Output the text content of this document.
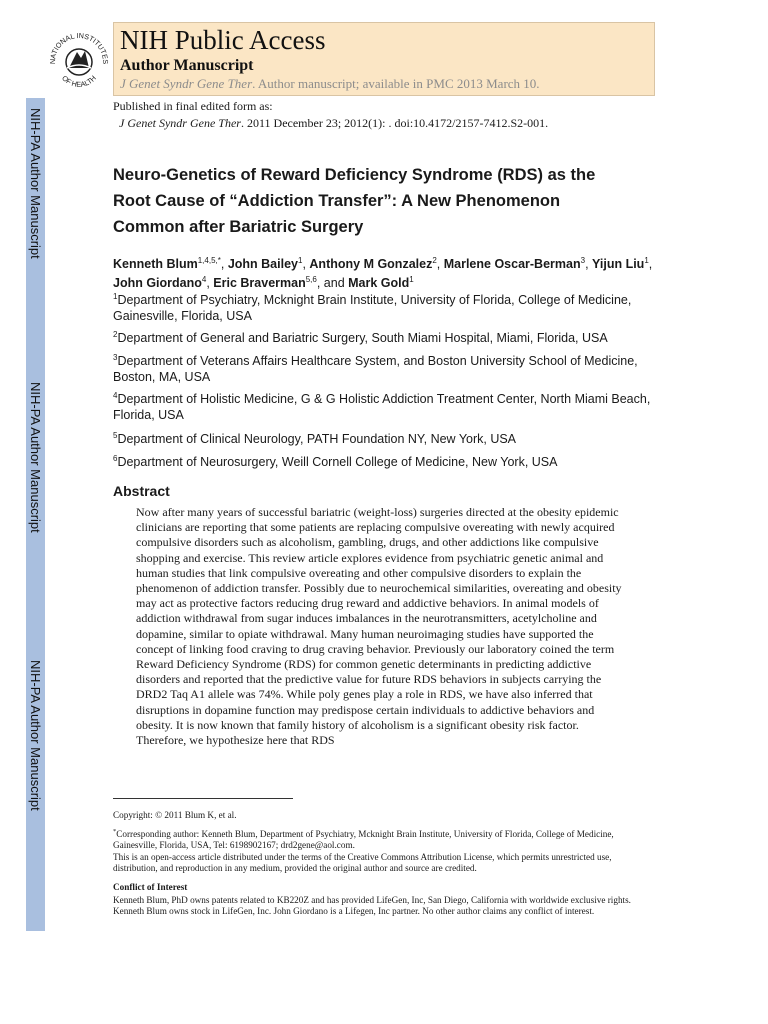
NIH-PA Author Manuscript
NIH-PA Author Manuscript
NIH-PA Author Manuscript
NATIONAL INSTITUTES
OF HEALTH
NIH Public Access
Author Manuscript
J Genet Syndr Gene Ther. Author manuscript; available in PMC 2013 March 10.
Published in final edited form as:
J Genet Syndr Gene Ther. 2011 December 23; 2012(1): . doi:10.4172/2157-7412.S2-001.
Neuro-Genetics of Reward Deficiency Syndrome (RDS) as the Root Cause of “Addiction Transfer”: A New Phenomenon Common after Bariatric Surgery
Kenneth Blum$^{1,4,5,*}$, John Bailey$^1$, Anthony M Gonzalez$^2$, Marlene Oscar-Berman$^3$, Yijun Liu$^1$, John Giordano$^4$, Eric Braverman$^{5,6}$, and Mark Gold$^1$
$^1$Department of Psychiatry, Mcknight Brain Institute, University of Florida, College of Medicine, Gainesville, Florida, USA
$^2$Department of General and Bariatric Surgery, South Miami Hospital, Miami, Florida, USA
$^3$Department of Veterans Affairs Healthcare System, and Boston University School of Medicine, Boston, MA, USA
$^4$Department of Holistic Medicine, G & G Holistic Addiction Treatment Center, North Miami Beach, Florida, USA
$^5$Department of Clinical Neurology, PATH Foundation NY, New York, USA
$^6$Department of Neurosurgery, Weill Cornell College of Medicine, New York, USA
Abstract
Now after many years of successful bariatric (weight-loss) surgeries directed at the obesity epidemic clinicians are reporting that some patients are replacing compulsive overeating with newly acquired compulsive disorders such as alcoholism, gambling, drugs, and other addictions like compulsive shopping and exercise. This review article explores evidence from psychiatric genetic animal and human studies that link compulsive overeating and other compulsive disorders to explain the phenomenon of addiction transfer. Possibly due to neurochemical similarities, overeating and obesity may act as protective factors reducing drug reward and addictive behaviors. In animal models of addiction withdrawal from sugar induces imbalances in the neurotransmitters, acetylcholine and dopamine, similar to opiate withdrawal. Many human neuroimaging studies have supported the concept of linking food craving to drug craving behavior. Previously our laboratory coined the term Reward Deficiency Syndrome (RDS) for common genetic determinants in predicting addictive disorders and reported that the predictive value for future RDS behaviors in subjects carrying the DRD2 Taq A1 allele was 74%. While poly genes play a role in RDS, we have also inferred that disruptions in dopamine function may predispose certain individuals to addictive behaviors and obesity. It is now known that family history of alcoholism is a significant obesity risk factor. Therefore, we hypothesize here that RDS
Copyright: © 2011 Blum K, et al.
*Corresponding author: Kenneth Blum, Department of Psychiatry, Mcknight Brain Institute, University of Florida, College of Medicine, Gainesville, Florida, USA, Tel: 6198902167; drd2gene@aol.com.
This is an open-access article distributed under the terms of the Creative Commons Attribution License, which permits unrestricted use, distribution, and reproduction in any medium, provided the original author and source are credited.
Conflict of Interest
Kenneth Blum, PhD owns patents related to KB220Z and has provided LifeGen, Inc, San Diego, California with worldwide exclusive rights. Kenneth Blum owns stock in LifeGen, Inc. John Giordano is a Lifegen, Inc partner. No other author claims any conflict of interest.
